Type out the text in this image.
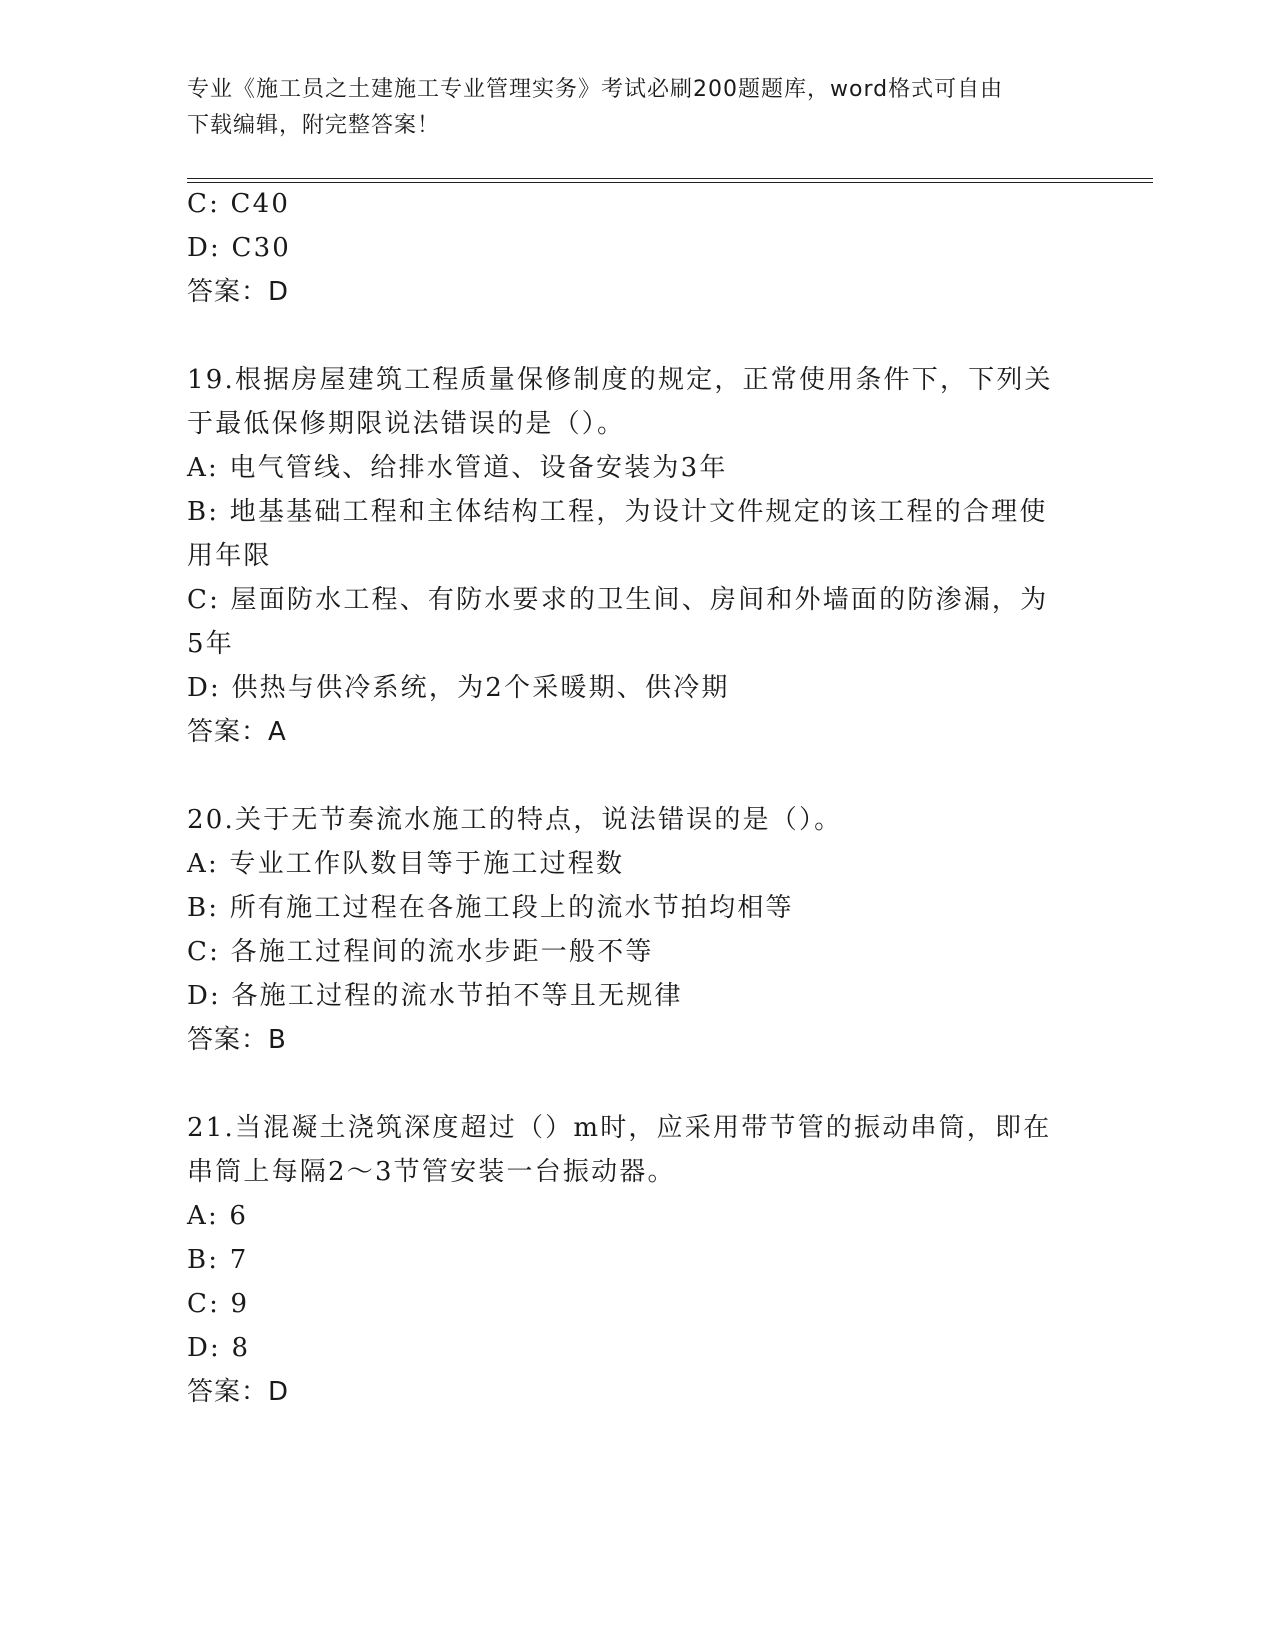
专业《施工员之土建施工专业管理实务》考试必刷200题题库，word格式可自由
下载编辑，附完整答案！
C: C40
D: C30
答案：D
19.根据房屋建筑工程质量保修制度的规定，正常使用条件下，下列关
于最低保修期限说法错误的是（）。
A: 电气管线、给排水管道、设备安装为3年
B: 地基基础工程和主体结构工程，为设计文件规定的该工程的合理使
用年限
C: 屋面防水工程、有防水要求的卫生间、房间和外墙面的防渗漏，为
5年
D: 供热与供冷系统，为2个采暖期、供冷期
答案：A
20.关于无节奏流水施工的特点，说法错误的是（）。
A: 专业工作队数目等于施工过程数
B: 所有施工过程在各施工段上的流水节拍均相等
C: 各施工过程间的流水步距一般不等
D: 各施工过程的流水节拍不等且无规律
答案：B
21.当混凝土浇筑深度超过（）m时，应采用带节管的振动串筒，即在
串筒上每隔2～3节管安装一台振动器。
A: 6
B: 7
C: 9
D: 8
答案：D
